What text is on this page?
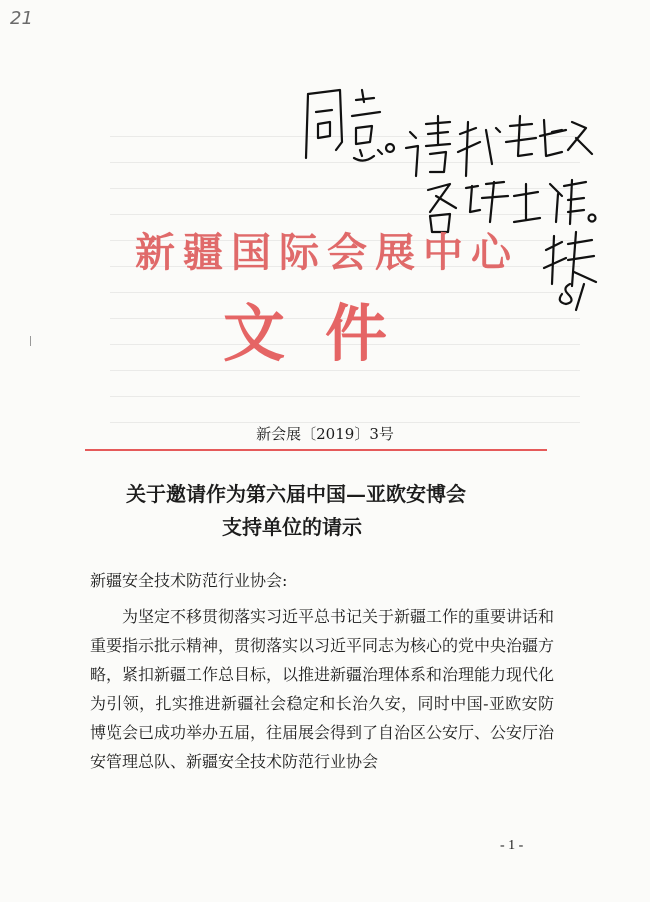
21
新疆国际会展中心
文件
新会展〔2019〕3号
关于邀请作为第六届中国—亚欧安博会
支持单位的请示
新疆安全技术防范行业协会:

为坚定不移贯彻落实习近平总书记关于新疆工作的重要讲话和重要指示批示精神，贯彻落实以习近平同志为核心的党中央治疆方略，紧扣新疆工作总目标，以推进新疆治理体系和治理能力现代化为引领，扎实推进新疆社会稳定和长治久安，同时中国-亚欧安防博览会已成功举办五届，往届展会得到了自治区公安厅、公安厅治安管理总队、新疆安全技术防范行业协会

- 1 -
